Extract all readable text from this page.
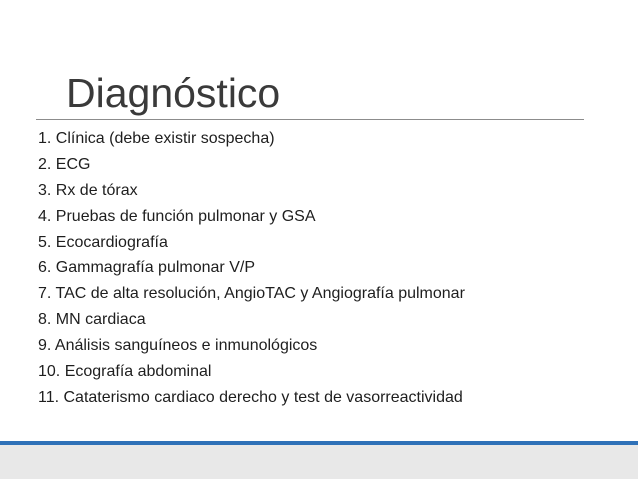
Diagnóstico
1. Clínica (debe existir sospecha)
2. ECG
3. Rx de tórax
4. Pruebas de función pulmonar y GSA
5. Ecocardiografía
6. Gammagrafía pulmonar V/P
7. TAC de alta resolución, AngioTAC y Angiografía pulmonar
8. MN cardiaca
9. Análisis sanguíneos e inmunológicos
10. Ecografía abdominal
11. Cataterismo cardiaco derecho y test de vasorreactividad
